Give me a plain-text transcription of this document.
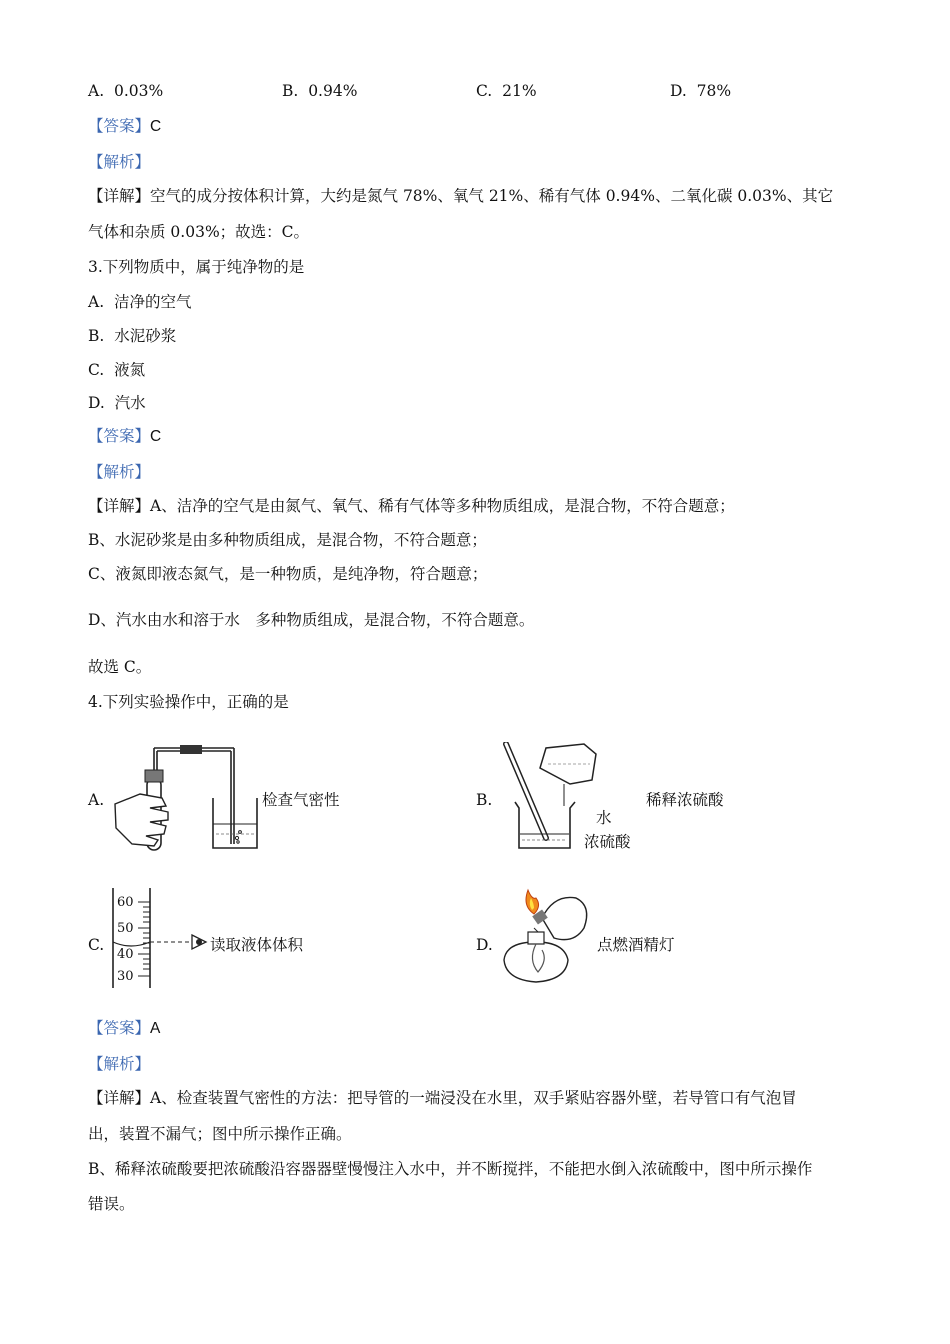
A. 0.03%	B. 0.94%	C. 21%	D. 78%
【答案】C
【解析】
【详解】空气的成分按体积计算，大约是氮气 78%、氧气 21%、稀有气体 0.94%、二氧化碳 0.03%、其它
气体和杂质 0.03%；故选：C。
3.下列物质中，属于纯净物的是
A. 洁净的空气
B. 水泥砂浆
C. 液氮
D. 汽水
【答案】C
【解析】
【详解】A、洁净的空气是由氮气、氧气、稀有气体等多种物质组成，是混合物，不符合题意；
B、水泥砂浆是由多种物质组成，是混合物，不符合题意；
C、液氮即液态氮气，是一种物质，是纯净物，符合题意；
D、汽水由水和溶于水　多种物质组成，是混合物，不符合题意。
故选 C。
4.下列实验操作中，正确的是
A.	检查气密性	B.
水
浓硫酸
稀释浓硫酸
C.
60
50
40
30
读取液体体积	D.	点燃酒精灯
【答案】A
【解析】
【详解】A、检查装置气密性的方法：把导管的一端浸没在水里，双手紧贴容器外壁，若导管口有气泡冒
出，装置不漏气；图中所示操作正确。
B、稀释浓硫酸要把浓硫酸沿容器器壁慢慢注入水中，并不断搅拌，不能把水倒入浓硫酸中，图中所示操作
错误。
